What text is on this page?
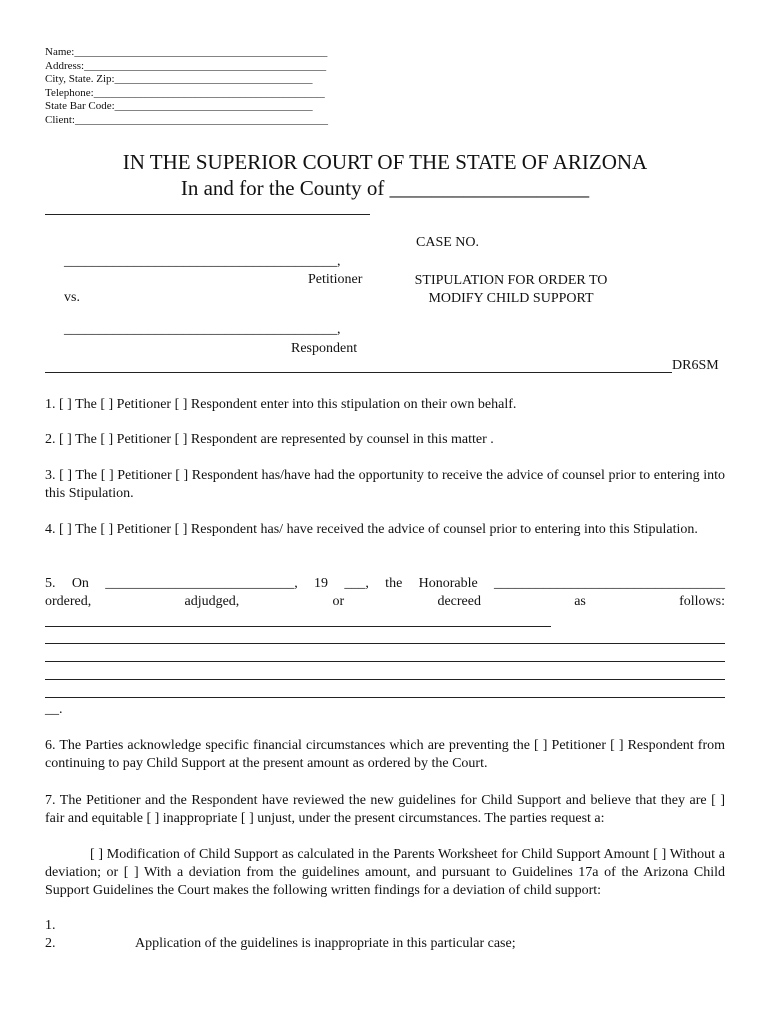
Name:______________________________________________
Address:____________________________________________
City, State. Zip:____________________________________
Telephone:__________________________________________
State Bar Code:____________________________________
Client:______________________________________________
IN THE SUPERIOR COURT OF THE STATE OF ARIZONA
In and for the County of ___________________
CASE NO.
_______________________________________,
Petitioner	STIPULATION FOR ORDER TO
MODIFY CHILD SUPPORT
vs.
_______________________________________,
Respondent
DR6SM
1. [ ] The [ ] Petitioner [ ] Respondent enter into this stipulation on their own behalf.
2. [ ] The [ ] Petitioner [ ] Respondent are represented by counsel in this matter .
3. [ ] The [ ] Petitioner [ ] Respondent has/have had the opportunity to receive the advice of counsel prior to entering into this Stipulation.
4. [ ] The [ ] Petitioner [ ] Respondent has/ have received the advice of counsel prior to entering into this Stipulation.
5. On ___________________________, 19 ___, the Honorable _________________________________
ordered, adjudged, or decreed as follows:
__.
6. The Parties acknowledge specific financial circumstances which are preventing the [ ] Petitioner [ ] Respondent from continuing to pay Child Support at the present amount as ordered by the Court.
7. The Petitioner and the Respondent have reviewed the new guidelines for Child Support and believe that they are [ ] fair and equitable [ ] inappropriate [ ] unjust, under the present circumstances. The parties request a:
[ ] Modification of Child Support as calculated in the Parents Worksheet for Child Support Amount [ ] Without a deviation; or [ ] With a deviation from the guidelines amount, and pursuant to Guidelines 17a of the Arizona Child Support Guidelines the Court makes the following written findings for a deviation of child support:
1.
2.	Application of the guidelines is inappropriate in this particular case;
